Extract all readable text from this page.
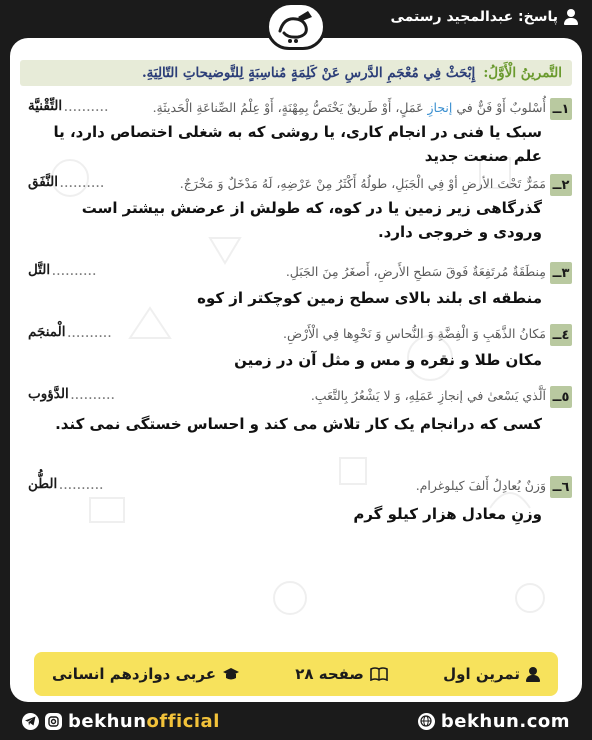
پاسخ: عبدالمجید رستمی
التَّمرينُ الْأَوَّلُ:
إِبْحَثْ فِي مُعْجَمِ الدَّرسِ عَنْ كَلِمَةٍ مُناسِبَةٍ لِلتَّوضيحاتِ التّالِيَةِ.
١ــ
أُسْلوبٌ أَوْ فَنٌّ في إنجازِ عَمَلٍ، أَوْ طَريقٌ يَخْتَصُّ بِمِهْنَةٍ، أَوْ عِلْمُ الصِّناعَةِ الْحَديثَةِ.
التِّقْنيَّة ..........
سبک یا فنی در انجام کاری، یا روشی که به شغلی اختصاص دارد، یا علم صنعت جدید
٢ــ
مَمَرٌّ تَحْتَ الأرضِ أوْ فِي الْجَبَلِ، طولُهُ أَكْثَرُ مِنْ عَرْضِهِ، لَهُ مَدْخَلٌ وَ مَخْرَجٌ.
النَّفَق ..........
گذرگاهی زیر زمین یا در کوه، که طولش از عرضش بیشتر است ورودی و خروجی دارد.
٣ــ
مِنطَقَةٌ مُرتَفِعَةٌ فَوقَ سَطحِ الأَرضِ، أَصغَرُ مِنَ الجَبَلِ.
التَّل ..........
منطقه ای بلند بالای سطح زمین کوچکتر از کوه
٤ــ
مَكانُ الذَّهَبِ وَ الْفِضَّةِ وَ النُّحاسِ وَ نَحْوِها فِي الْأَرْضِ.
الْمنجَم ..........
مکان طلا و نقره و مس و مثل آن در زمین
٥ــ
اَلَّذي يَسْعىٰ في إنجازِ عَمَلِهِ، وَ لا يَشْعُرُ بِالتَّعَبِ.
الدَّؤوب ..........
کسی که درانجام یک کار تلاش می کند و احساس خستگی نمی کند.
٦ــ
وَزنٌ يُعادِلُ أَلفَ كيلوغرام.
الطُّن ..........
وزنِ معادل هزار کیلو گرم
تمرین اول
صفحه ۲۸
عربی دوازدهم انسانی
bekhunofficial	bekhun.com
